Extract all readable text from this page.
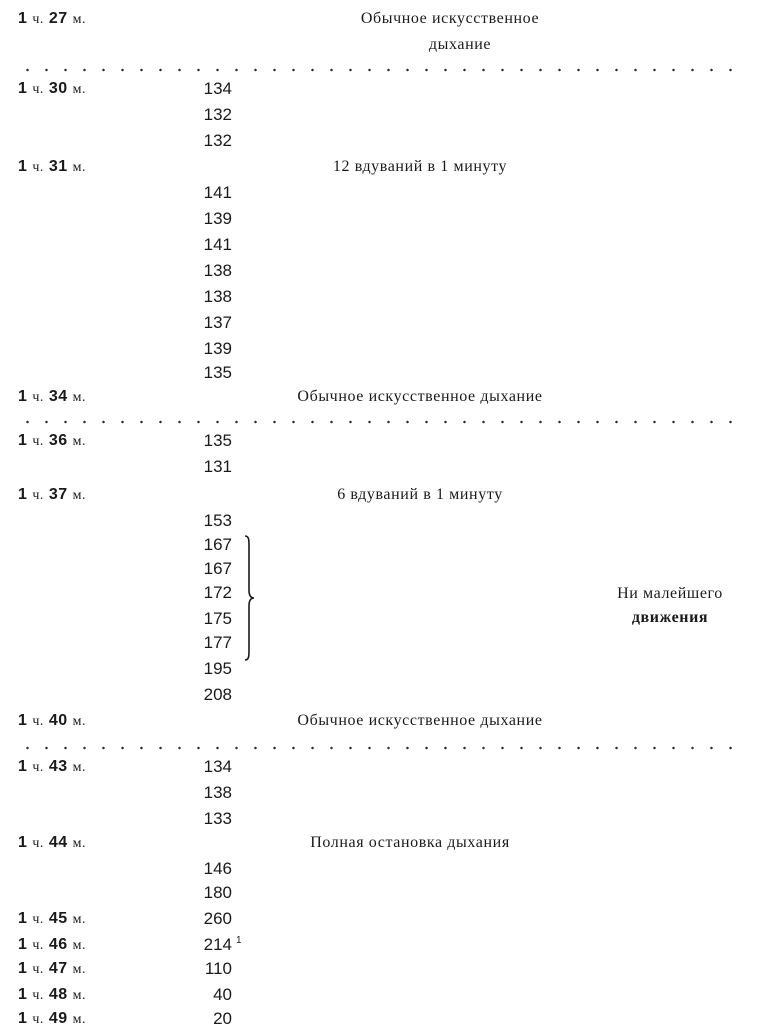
1 ч. 27 м.	Обычное искусственное
дыхание
1 ч. 30 м.	134
132
132
1 ч. 31 м.	12 вдуваний в 1 минуту
141
139
141
138
138
137
139
135
1 ч. 34 м.	Обычное искусственное дыхание
1 ч. 36 м.	135
131
1 ч. 37 м.	6 вдуваний в 1 минуту
153
167
167
172
175
177
195
208
Ни малейшего
движения
1 ч. 40 м.	Обычное искусственное дыхание
1 ч. 43 м.	134
138
133
1 ч. 44 м.	Полная остановка дыхания
146
180
1 ч. 45 м.	260
1 ч. 46 м.	214 1
1 ч. 47 м.	110
1 ч. 48 м.	40
1 ч. 49 м.	20
